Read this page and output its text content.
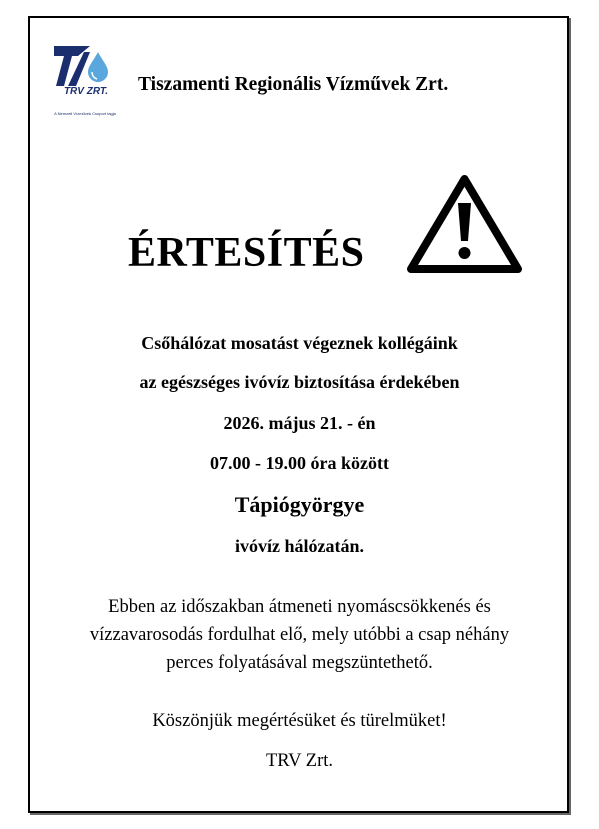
TRV ZRT.
A Nemzeti Vízművek Csoport tagja
Tiszamenti Regionális Vízművek Zrt.
ÉRTESÍTÉS
Csőhálózat mosatást végeznek kollégáink
az egészséges ivóvíz biztosítása érdekében
2026. május 21. - én
07.00 - 19.00 óra között
Tápiógyörgye
ivóvíz hálózatán.
Ebben az időszakban átmeneti nyomáscsökkenés és
vízzavarosodás fordulhat elő, mely utóbbi a csap néhány
perces folyatásával megszüntethető.
Köszönjük megértésüket és türelmüket!
TRV Zrt.
